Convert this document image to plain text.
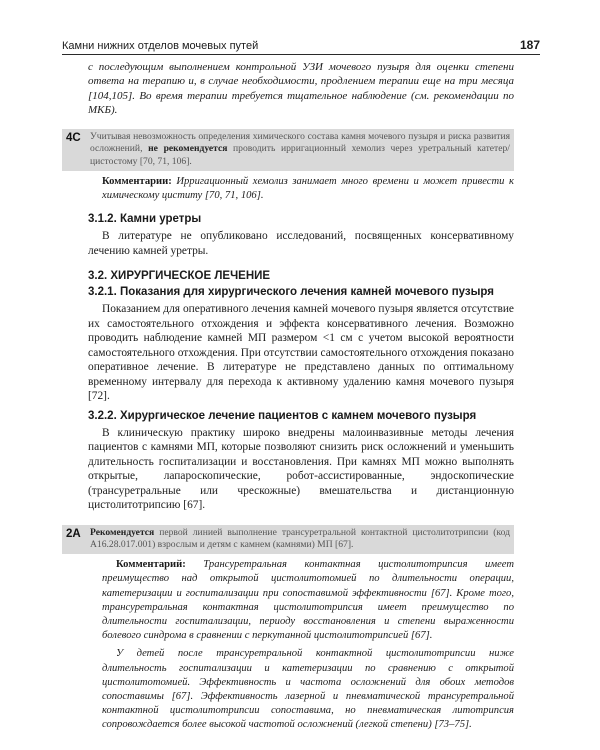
Камни нижних отделов мочевых путей	187

с последующим выполнением контрольной УЗИ мочевого пузыря для оценки степени ответа на терапию и, в случае необходимости, продлением терапии еще на три месяца [104,105]. Во время терапии требуется тщательное наблюдение (см. рекомендации по МКБ).

4C Учитывая невозможность определения химического состава камня мочевого пузыря и риска развития осложнений, не рекомендуется проводить ирригационный хемолиз через уретральный катетер/цистостому [70, 71, 106].

Комментарии: Ирригационный хемолиз занимает много времени и может привести к химическому циститу [70, 71, 106].

3.1.2. Камни уретры

В литературе не опубликовано исследований, посвященных консервативному лечению камней уретры.

3.2. ХИРУРГИЧЕСКОЕ ЛЕЧЕНИЕ
3.2.1. Показания для хирургического лечения камней мочевого пузыря

Показанием для оперативного лечения камней мочевого пузыря является отсутствие их самостоятельного отхождения и эффекта консервативного лечения. Возможно проводить наблюдение камней МП размером <1 см с учетом высокой вероятности самостоятельного отхождения. При отсутствии самостоятельного отхождения показано оперативное лечение. В литературе не представлено данных по оптимальному временному интервалу для перехода к активному удалению камня мочевого пузыря [72].

3.2.2. Хирургическое лечение пациентов с камнем мочевого пузыря

В клиническую практику широко внедрены малоинвазивные методы лечения пациентов с камнями МП, которые позволяют снизить риск осложнений и уменьшить длительность госпитализации и восстановления. При камнях МП можно выполнять открытые, лапароскопические, робот-ассистированные, эндоскопические (трансуретральные или чрескожные) вмешательства и дистанционную цистолитотрипсию [67].

2A Рекомендуется первой линией выполнение трансуретральной контактной цистолитотрипсии (код A16.28.017.001) взрослым и детям с камнем (камнями) МП [67].

Комментарий: Трансуретральная контактная цистолитотрипсия имеет преимущество над открытой цистолитотомией по длительности операции, катетеризации и госпитализации при сопоставимой эффективности [67]. Кроме того, трансуретральная контактная цистолитотрипсия имеет преимущество по длительности госпитализации, периоду восстановления и степени выраженности болевого синдрома в сравнении с перкутанной цистолитотрипсией [67].

У детей после трансуретральной контактной цистолитотрипсии ниже длительность госпитализации и катетеризации по сравнению с открытой цистолитотомией. Эффективность и частота осложнений для обоих методов сопоставимы [67]. Эффективность лазерной и пневматической трансуретральной контактной цистолитотрипсии сопоставима, но пневматическая литотрипсия сопровождается более высокой частотой осложнений (легкой степени) [73–75].
